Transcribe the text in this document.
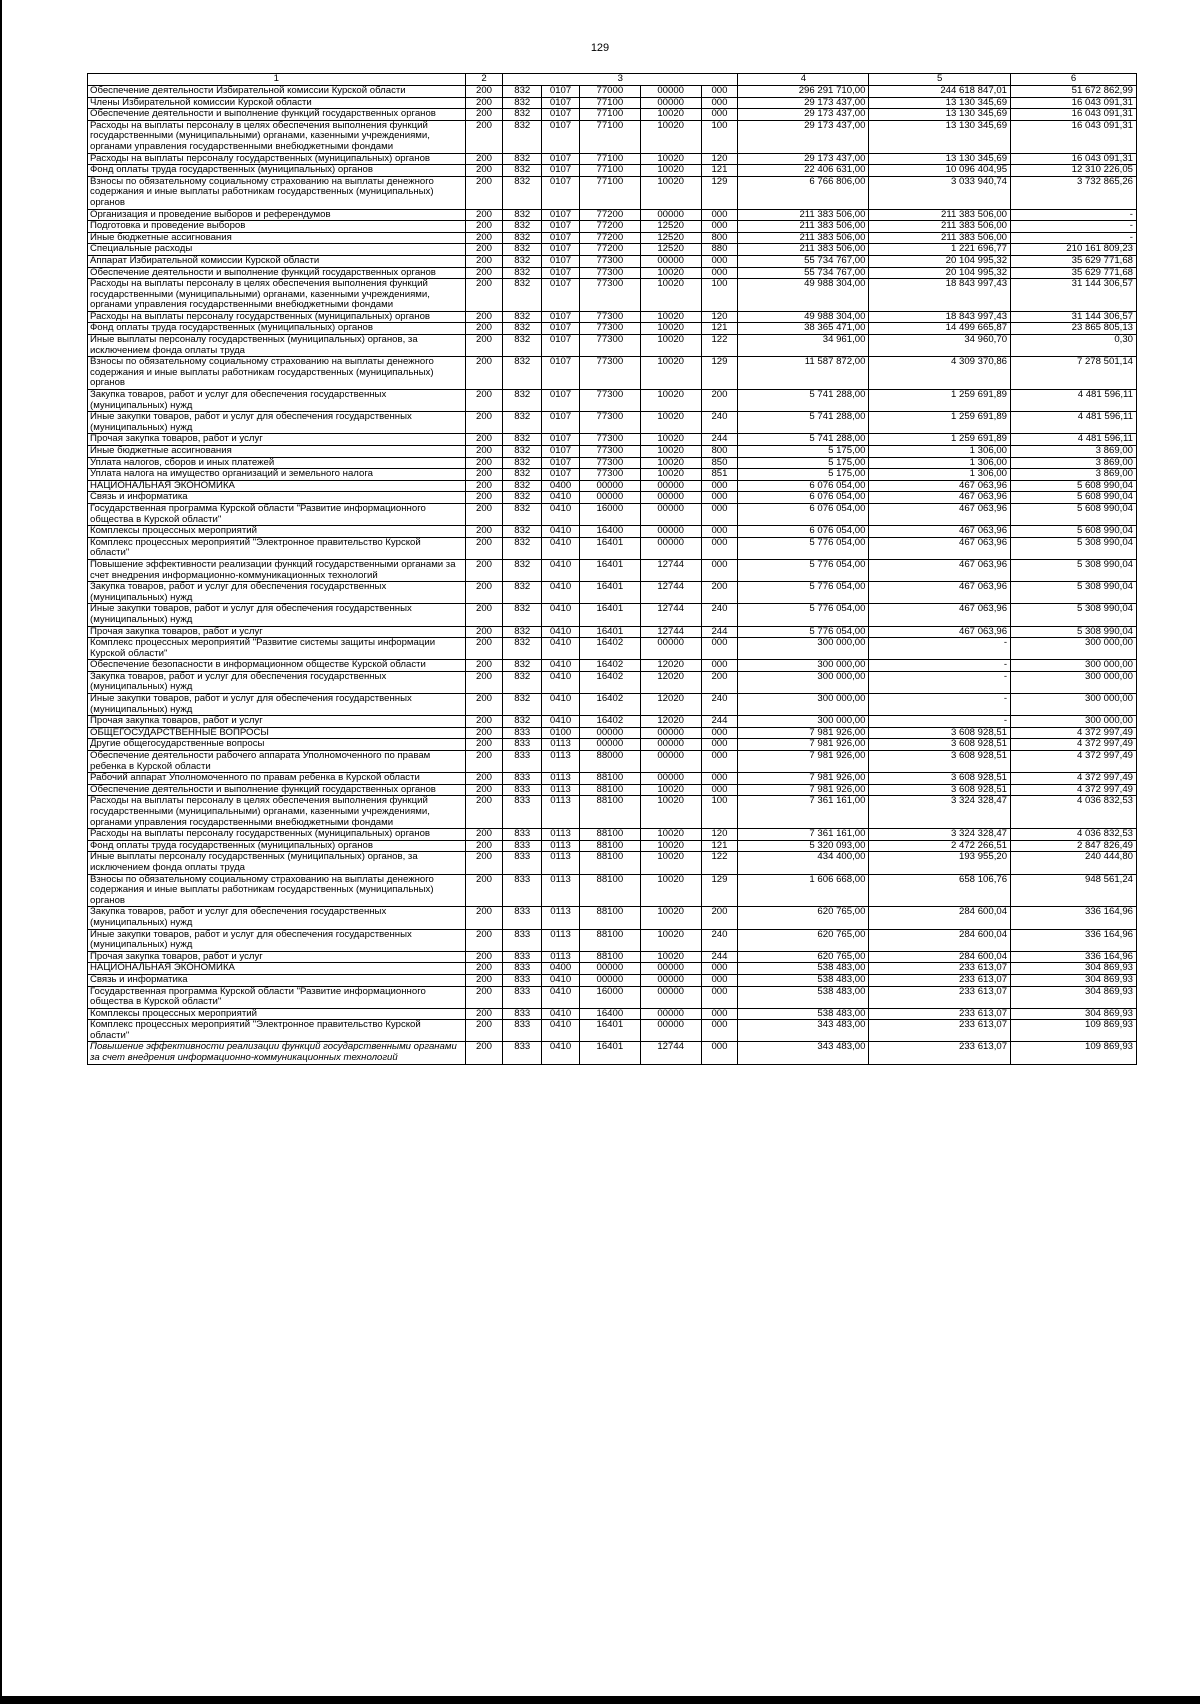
129
1	2	3					4	5	6
Обеспечение деятельности Избирательной комиссии Курской области	200	832	0107	77000	00000	000	296 291 710,00	244 618 847,01	51 672 862,99
Члены Избирательной комиссии Курской области	200	832	0107	77100	00000	000	29 173 437,00	13 130 345,69	16 043 091,31
Обеспечение деятельности и выполнение функций государственных органов	200	832	0107	77100	10020	000	29 173 437,00	13 130 345,69	16 043 091,31
Расходы на выплаты персоналу в целях обеспечения выполнения функций государственными (муниципальными) органами, казенными учреждениями, органами управления государственными внебюджетными фондами	200	832	0107	77100	10020	100	29 173 437,00	13 130 345,69	16 043 091,31
Расходы на выплаты персоналу государственных (муниципальных) органов	200	832	0107	77100	10020	120	29 173 437,00	13 130 345,69	16 043 091,31
Фонд оплаты труда государственных (муниципальных) органов	200	832	0107	77100	10020	121	22 406 631,00	10 096 404,95	12 310 226,05
Взносы по обязательному социальному страхованию на выплаты денежного содержания и иные выплаты работникам государственных (муниципальных) органов	200	832	0107	77100	10020	129	6 766 806,00	3 033 940,74	3 732 865,26
Организация и проведение выборов и референдумов	200	832	0107	77200	00000	000	211 383 506,00	211 383 506,00	-
Подготовка и проведение выборов	200	832	0107	77200	12520	000	211 383 506,00	211 383 506,00	-
Иные бюджетные ассигнования	200	832	0107	77200	12520	800	211 383 506,00	211 383 506,00	-
Специальные расходы	200	832	0107	77200	12520	880	211 383 506,00	1 221 696,77	210 161 809,23
Аппарат Избирательной комиссии Курской области	200	832	0107	77300	00000	000	55 734 767,00	20 104 995,32	35 629 771,68
Обеспечение деятельности и выполнение функций государственных органов	200	832	0107	77300	10020	000	55 734 767,00	20 104 995,32	35 629 771,68
Расходы на выплаты персоналу в целях обеспечения выполнения функций государственными (муниципальными) органами, казенными учреждениями, органами управления государственными внебюджетными фондами	200	832	0107	77300	10020	100	49 988 304,00	18 843 997,43	31 144 306,57
Расходы на выплаты персоналу государственных (муниципальных) органов	200	832	0107	77300	10020	120	49 988 304,00	18 843 997,43	31 144 306,57
Фонд оплаты труда государственных (муниципальных) органов	200	832	0107	77300	10020	121	38 365 471,00	14 499 665,87	23 865 805,13
Иные выплаты персоналу государственных (муниципальных) органов, за исключением фонда оплаты труда	200	832	0107	77300	10020	122	34 961,00	34 960,70	0,30
Взносы по обязательному социальному страхованию на выплаты денежного содержания и иные выплаты работникам государственных (муниципальных) органов	200	832	0107	77300	10020	129	11 587 872,00	4 309 370,86	7 278 501,14
Закупка товаров, работ и услуг для обеспечения государственных (муниципальных) нужд	200	832	0107	77300	10020	200	5 741 288,00	1 259 691,89	4 481 596,11
Иные закупки товаров, работ и услуг для обеспечения государственных (муниципальных) нужд	200	832	0107	77300	10020	240	5 741 288,00	1 259 691,89	4 481 596,11
Прочая закупка товаров, работ и услуг	200	832	0107	77300	10020	244	5 741 288,00	1 259 691,89	4 481 596,11
Иные бюджетные ассигнования	200	832	0107	77300	10020	800	5 175,00	1 306,00	3 869,00
Уплата налогов, сборов и иных платежей	200	832	0107	77300	10020	850	5 175,00	1 306,00	3 869,00
Уплата налога на имущество организаций и земельного налога	200	832	0107	77300	10020	851	5 175,00	1 306,00	3 869,00
НАЦИОНАЛЬНАЯ ЭКОНОМИКА	200	832	0400	00000	00000	000	6 076 054,00	467 063,96	5 608 990,04
Связь и информатика	200	832	0410	00000	00000	000	6 076 054,00	467 063,96	5 608 990,04
Государственная программа Курской области "Развитие информационного общества в Курской области"	200	832	0410	16000	00000	000	6 076 054,00	467 063,96	5 608 990,04
Комплексы процессных мероприятий	200	832	0410	16400	00000	000	6 076 054,00	467 063,96	5 608 990,04
Комплекс процессных мероприятий "Электронное правительство Курской области"	200	832	0410	16401	00000	000	5 776 054,00	467 063,96	5 308 990,04
Повышение эффективности реализации функций государственными органами за счет внедрения информационно-коммуникационных технологий	200	832	0410	16401	12744	000	5 776 054,00	467 063,96	5 308 990,04
Закупка товаров, работ и услуг для обеспечения государственных (муниципальных) нужд	200	832	0410	16401	12744	200	5 776 054,00	467 063,96	5 308 990,04
Иные закупки товаров, работ и услуг для обеспечения государственных (муниципальных) нужд	200	832	0410	16401	12744	240	5 776 054,00	467 063,96	5 308 990,04
Прочая закупка товаров, работ и услуг	200	832	0410	16401	12744	244	5 776 054,00	467 063,96	5 308 990,04
Комплекс процессных мероприятий "Развитие системы защиты информации Курской области"	200	832	0410	16402	00000	000	300 000,00	-	300 000,00
Обеспечение безопасности в информационном обществе Курской области	200	832	0410	16402	12020	000	300 000,00	-	300 000,00
Закупка товаров, работ и услуг для обеспечения государственных (муниципальных) нужд	200	832	0410	16402	12020	200	300 000,00	-	300 000,00
Иные закупки товаров, работ и услуг для обеспечения государственных (муниципальных) нужд	200	832	0410	16402	12020	240	300 000,00	-	300 000,00
Прочая закупка товаров, работ и услуг	200	832	0410	16402	12020	244	300 000,00	-	300 000,00
ОБЩЕГОСУДАРСТВЕННЫЕ ВОПРОСЫ	200	833	0100	00000	00000	000	7 981 926,00	3 608 928,51	4 372 997,49
Другие общегосударственные вопросы	200	833	0113	00000	00000	000	7 981 926,00	3 608 928,51	4 372 997,49
Обеспечение деятельности рабочего аппарата Уполномоченного по правам ребенка в Курской области	200	833	0113	88000	00000	000	7 981 926,00	3 608 928,51	4 372 997,49
Рабочий аппарат Уполномоченного по правам ребенка в Курской области	200	833	0113	88100	00000	000	7 981 926,00	3 608 928,51	4 372 997,49
Обеспечение деятельности и выполнение функций государственных органов	200	833	0113	88100	10020	000	7 981 926,00	3 608 928,51	4 372 997,49
Расходы на выплаты персоналу в целях обеспечения выполнения функций государственными (муниципальными) органами, казенными учреждениями, органами управления государственными внебюджетными фондами	200	833	0113	88100	10020	100	7 361 161,00	3 324 328,47	4 036 832,53
Расходы на выплаты персоналу государственных (муниципальных) органов	200	833	0113	88100	10020	120	7 361 161,00	3 324 328,47	4 036 832,53
Фонд оплаты труда государственных (муниципальных) органов	200	833	0113	88100	10020	121	5 320 093,00	2 472 266,51	2 847 826,49
Иные выплаты персоналу государственных (муниципальных) органов, за исключением фонда оплаты труда	200	833	0113	88100	10020	122	434 400,00	193 955,20	240 444,80
Взносы по обязательному социальному страхованию на выплаты денежного содержания и иные выплаты работникам государственных (муниципальных) органов	200	833	0113	88100	10020	129	1 606 668,00	658 106,76	948 561,24
Закупка товаров, работ и услуг для обеспечения государственных (муниципальных) нужд	200	833	0113	88100	10020	200	620 765,00	284 600,04	336 164,96
Иные закупки товаров, работ и услуг для обеспечения государственных (муниципальных) нужд	200	833	0113	88100	10020	240	620 765,00	284 600,04	336 164,96
Прочая закупка товаров, работ и услуг	200	833	0113	88100	10020	244	620 765,00	284 600,04	336 164,96
НАЦИОНАЛЬНАЯ ЭКОНОМИКА	200	833	0400	00000	00000	000	538 483,00	233 613,07	304 869,93
Связь и информатика	200	833	0410	00000	00000	000	538 483,00	233 613,07	304 869,93
Государственная программа Курской области "Развитие информационного общества в Курской области"	200	833	0410	16000	00000	000	538 483,00	233 613,07	304 869,93
Комплексы процессных мероприятий	200	833	0410	16400	00000	000	538 483,00	233 613,07	304 869,93
Комплекс процессных мероприятий "Электронное правительство Курской области"	200	833	0410	16401	00000	000	343 483,00	233 613,07	109 869,93
Повышение эффективности реализации функций государственными органами за счет внедрения информационно-коммуникационных технологий	200	833	0410	16401	12744	000	343 483,00	233 613,07	109 869,93
